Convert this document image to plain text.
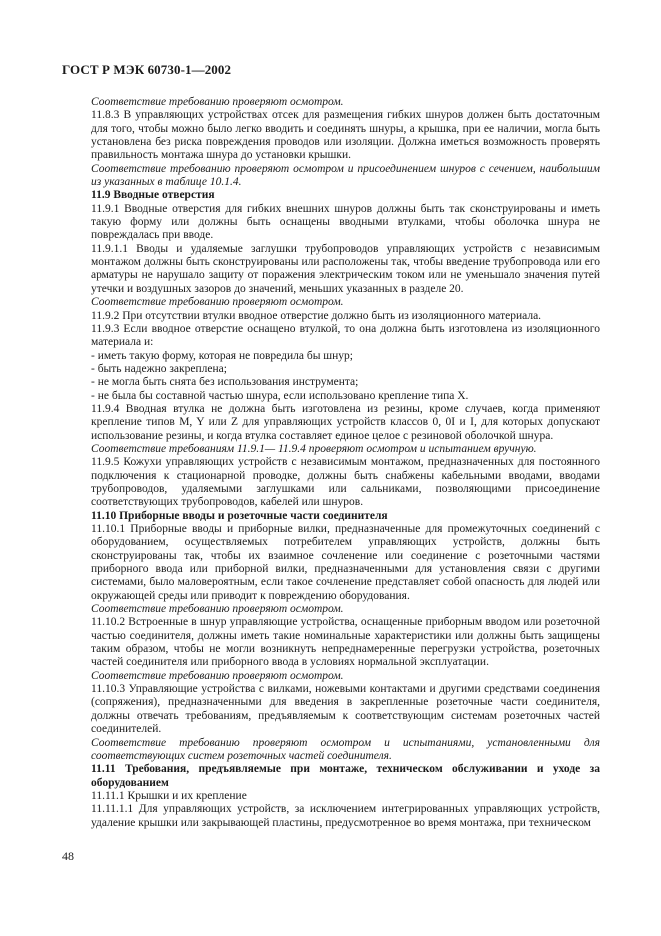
ГОСТ Р МЭК 60730-1—2002

Соответствие требованию проверяют осмотром.

11.8.3 В управляющих устройствах отсек для размещения гибких шнуров должен быть достаточным для того, чтобы можно было легко вводить и соединять шнуры, а крышка, при ее наличии, могла быть установлена без риска повреждения проводов или изоляции. Должна иметься возможность проверять правильность монтажа шнура до установки крышки.

Соответствие требованию проверяют осмотром и присоединением шнуров с сечением, наибольшим из указанных в таблице 10.1.4.

11.9 Вводные отверстия

11.9.1 Вводные отверстия для гибких внешних шнуров должны быть так сконструированы и иметь такую форму или должны быть оснащены вводными втулками, чтобы оболочка шнура не повреждалась при вводе.

11.9.1.1 Вводы и удаляемые заглушки трубопроводов управляющих устройств с независимым монтажом должны быть сконструированы или расположены так, чтобы введение трубопровода или его арматуры не нарушало защиту от поражения электрическим током или не уменьшало значения путей утечки и воздушных зазоров до значений, меньших указанных в разделе 20.

Соответствие требованию проверяют осмотром.

11.9.2 При отсутствии втулки вводное отверстие должно быть из изоляционного материала.

11.9.3 Если вводное отверстие оснащено втулкой, то она должна быть изготовлена из изоляционного материала и:

- иметь такую форму, которая не повредила бы шнур;

- быть надежно закреплена;

- не могла быть снята без использования инструмента;

- не была бы составной частью шнура, если использовано крепление типа X.

11.9.4 Вводная втулка не должна быть изготовлена из резины, кроме случаев, когда применяют крепление типов M, Y или Z для управляющих устройств классов 0, 0I и I, для которых допускают использование резины, и когда втулка составляет единое целое с резиновой оболочкой шнура.

Соответствие требованиям 11.9.1— 11.9.4 проверяют осмотром и испытанием вручную.

11.9.5 Кожухи управляющих устройств с независимым монтажом, предназначенных для постоянного подключения к стационарной проводке, должны быть снабжены кабельными вводами, вводами трубопроводов, удаляемыми заглушками или сальниками, позволяющими присоединение соответствующих трубопроводов, кабелей или шнуров.

11.10 Приборные вводы и розеточные части соединителя

11.10.1 Приборные вводы и приборные вилки, предназначенные для промежуточных соединений с оборудованием, осуществляемых потребителем управляющих устройств, должны быть сконструированы так, чтобы их взаимное сочленение или соединение с розеточными частями приборного ввода или приборной вилки, предназначенными для установления связи с другими системами, было маловероятным, если такое сочленение представляет собой опасность для людей или окружающей среды или приводит к повреждению оборудования.

Соответствие требованию проверяют осмотром.

11.10.2 Встроенные в шнур управляющие устройства, оснащенные приборным вводом или розеточной частью соединителя, должны иметь такие номинальные характеристики или должны быть защищены таким образом, чтобы не могли возникнуть непреднамеренные перегрузки устройства, розеточных частей соединителя или приборного ввода в условиях нормальной эксплуатации.

Соответствие требованию проверяют осмотром.

11.10.3 Управляющие устройства с вилками, ножевыми контактами и другими средствами соединения (сопряжения), предназначенными для введения в закрепленные розеточные части соединителя, должны отвечать требованиям, предъявляемым к соответствующим системам розеточных частей соединителей.

Соответствие требованию проверяют осмотром и испытаниями, установленными для соответствующих систем розеточных частей соединителя.

11.11 Требования, предъявляемые при монтаже, техническом обслуживании и уходе за оборудованием

11.11.1 Крышки и их крепление

11.11.1.1 Для управляющих устройств, за исключением интегрированных управляющих устройств, удаление крышки или закрывающей пластины, предусмотренное во время монтажа, при техническом

48
